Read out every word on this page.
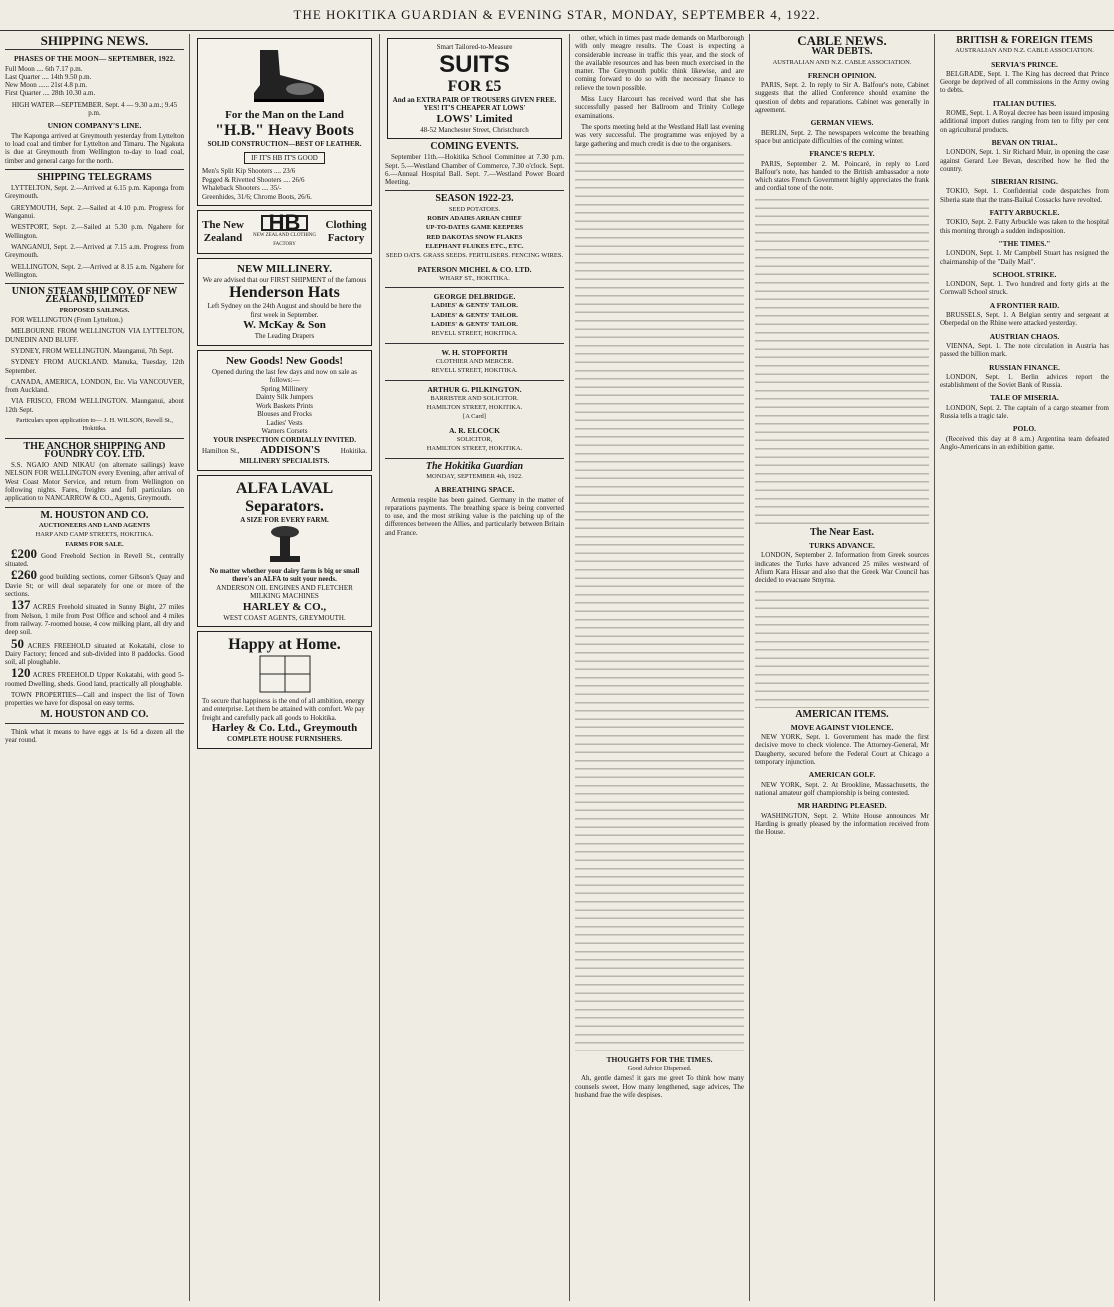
THE HOKITIKA GUARDIAN & EVENING STAR, MONDAY, SEPTEMBER 4, 1922.
SHIPPING NEWS.
PHASES OF THE MOON— SEPTEMBER, 1922.
Full Moon .... 6th 7.17 p.m.
Last Quarter .... 14th 9.50 p.m.
New Moon ...... 21st 4.8 p.m.
First Quarter .... 28th 10.30 a.m.
HIGH WATER—SEPTEMBER. Sept. 4 — 9.30 a.m.; 9.45 p.m.
UNION COMPANY'S LINE.

The Kaponga arrived at Greymouth yesterday from Lyttelton to load coal and timber for Lyttelton and Timaru. The Ngakuta is due at Greymouth from Wellington to-day to load coal, timber and general cargo for the north.

SHIPPING TELEGRAMS

LYTTELTON, Sept. 2.—Arrived at 6.15 p.m. Kaponga from Greymouth.

GREYMOUTH, Sept. 2.—Sailed at 4.10 p.m. Progress for Wanganui.

WESTPORT, Sept. 2.—Sailed at 5.30 p.m. Ngahere for Wellington.

WANGANUI, Sept. 2.—Arrived at 7.15 a.m. Progress from Greymouth.

WELLINGTON, Sept. 2.—Arrived at 8.15 a.m. Ngahere for Wellington.

UNION STEAM SHIP COY. OF NEW ZEALAND, LIMITED
PROPOSED SAILINGS.

FOR WELLINGTON (From Lyttelton.)

MELBOURNE FROM WELLINGTON VIA LYTTELTON, DUNEDIN AND BLUFF.

SYDNEY, FROM WELLINGTON. Maunganui, 7th Sept.

SYDNEY FROM AUCKLAND. Manuka, Tuesday, 12th September.

CANADA, AMERICA, LONDON, Etc. Via VANCOUVER, from Auckland.

VIA FRISCO, FROM WELLINGTON. Maunganui, about 12th Sept.

Particulars upon application to— J. H. WILSON, Revell St., Hokitika.
THE ANCHOR SHIPPING AND FOUNDRY COY. LTD.

S.S. NGAIO AND NIKAU (on alternate sailings) leave NELSON FOR WELLINGTON every Evening, after arrival of West Coast Motor Service, and return from Wellington on following nights. Fares, freights and full particulars on application to NANCARROW & CO., Agents, Greymouth.

M. HOUSTON AND CO.
AUCTIONEERS AND LAND AGENTS
HARP AND CAMP STREETS, HOKITIKA.
FARMS FOR SALE.

£200 Good Freehold Section in Revell St., centrally situated.

£260 good building sections, corner Gibson's Quay and Davie St; or will deal separately for one or more of the sections.

137 ACRES Freehold situated in Sunny Bight, 27 miles from Nelson, 1 mile from Post Office and school and 4 miles from railway. 7-roomed house, 4 cow milking plant, all dry and deep soil.

50 ACRES FREEHOLD situated at Kokatahi, close to Dairy Factory; fenced and sub-divided into 8 paddocks. Good soil, all ploughable.

120 ACRES FREEHOLD Upper Kokatahi, with good 5-roomed Dwelling, sheds. Good land, practically all ploughable.

TOWN PROPERTIES—Call and inspect the list of Town properties we have for disposal on easy terms.

M. HOUSTON AND CO.

Think what it means to have eggs at 1s 6d a dozen all the year round.

For the Man on the Land
"H.B." Heavy Boots
SOLID CONSTRUCTION—BEST OF LEATHER.
IF IT'S HB IT'S GOOD
Men's Split Kip Shooters .... 23/6
Pegged & Rivetted Shooters .... 26/6
Whaleback Shooters .... 35/-
Greenhides, 31/6; Chrome Boots, 26/6.
The New Zealand
HB
NEW ZEALAND CLOTHING FACTORY
Clothing Factory
NEW MILLINERY.
We are advised that our FIRST SHIPMENT of the famous
Henderson Hats
Left Sydney on the 24th August and should be here the first week in September.
W. McKay & Son
The Leading Drapers
New Goods! New Goods!
Opened during the last few days and now on sale as follows:—
Spring Millinery
Dainty Silk Jumpers
Work Baskets Prints
Blouses and Frocks
Ladies' Vests
Warners Corsets
YOUR INSPECTION CORDIALLY INVITED.
Hamilton St., ADDISON'S	Hokitika.
MILLINERY SPECIALISTS.
ALFA LAVAL Separators.
A SIZE FOR EVERY FARM.
No matter whether your dairy farm is big or small there's an ALFA to suit your needs.
ANDERSON OIL ENGINES AND FLETCHER MILKING MACHINES
HARLEY & CO.,
WEST COAST AGENTS, GREYMOUTH.
Happy at Home.
To secure that happiness is the end of all ambition, energy and enterprise. Let them be attained with comfort. We pay freight and carefully pack all goods to Hokitika.
Harley & Co. Ltd., Greymouth
COMPLETE HOUSE FURNISHERS.
Smart Tailored-to-Measure
SUITS
FOR £5
And an EXTRA PAIR OF TROUSERS GIVEN FREE.
YES! IT'S CHEAPER AT LOWS'
LOWS' Limited
48-52 Manchester Street, Christchurch
COMING EVENTS.

September 11th.—Hokitika School Committee at 7.30 p.m. Sept. 5.—Westland Chamber of Commerce, 7.30 o'clock. Sept. 6.—Annual Hospital Ball. Sept. 7.—Westland Power Board Meeting.

SEASON 1922-23.
SEED POTATOES.
ROBIN ADAIRS ARRAN CHIEF
UP-TO-DATES GAME KEEPERS
RED DAKOTAS SNOW FLAKES
ELEPHANT FLUKES ETC., ETC.
SEED OATS. GRASS SEEDS. FERTILISERS. FENCING WIRES.
PATERSON MICHEL & CO. LTD.
WHARF ST., HOKITIKA.
GEORGE DELBRIDGE.
LADIES' & GENTS' TAILOR.
LADIES' & GENTS' TAILOR.
LADIES' & GENTS' TAILOR.
REVELL STREET, HOKITIKA.
W. H. STOPFORTH
CLOTHIER AND MERCER.
REVELL STREET, HOKITIKA.
ARTHUR G. PILKINGTON.
BARRISTER AND SOLICITOR.
HAMILTON STREET, HOKITIKA.
[A Card]
A. R. ELCOCK
SOLICITOR,
HAMILTON STREET, HOKITIKA.
The Hokitika Guardian
MONDAY, SEPTEMBER 4th, 1922.
A BREATHING SPACE.

Armenia respite has been gained. Germany in the matter of reparations payments. The breathing space is being converted to use, and the most striking value is the patching up of the differences between the Allies, and particularly between Britain and France.

other, which in times past made demands on Marlborough with only meagre results. The Coast is expecting a considerable increase in traffic this year, and the stock of the available resources and has been much exercised in the matter. The Greymouth public think likewise, and are coming forward to do so with the necessary finance to relieve the town possible.

Miss Lucy Harcourt has received word that she has successfully passed her Ballroom and Trinity College examinations.

The sports meeting held at the Westland Hall last evening was very successful. The programme was enjoyed by a large gathering and much credit is due to the organisers.

THOUGHTS FOR THE TIMES.
Good Advice Dispersed.

Ah, gentle dames! it gars me greet To think how many counsels sweet, How many lengthened, sage advices, The husband frae the wife despises.

CABLE NEWS.
WAR DEBTS.
AUSTRALIAN AND N.Z. CABLE ASSOCIATION.
FRENCH OPINION.

PARIS, Sept. 2. In reply to Sir A. Balfour's note, Cabinet suggests that the allied Conference should examine the question of debts and reparations. Cabinet was generally in agreement.

GERMAN VIEWS.

BERLIN, Sept. 2. The newspapers welcome the breathing space but anticipate difficulties of the coming winter.

FRANCE'S REPLY.

PARIS, September 2. M. Poincaré, in reply to Lord Balfour's note, has handed to the British ambassador a note which states French Government highly appreciates the frank and cordial tone of the note.

The Near East.
TURKS ADVANCE.

LONDON, September 2. Information from Greek sources indicates the Turks have advanced 25 miles westward of Afium Kara Hissar and also that the Greek War Council has decided to evacuate Smyrna.

AMERICAN ITEMS.
MOVE AGAINST VIOLENCE.

NEW YORK, Sept. 1. Government has made the first decisive move to check violence. The Attorney-General, Mr Daugherty, secured before the Federal Court at Chicago a temporary injunction.

AMERICAN GOLF.

NEW YORK, Sept. 2. At Brookline, Massachusetts, the national amateur golf championship is being contested.

MR HARDING PLEASED.

WASHINGTON, Sept. 2. White House announces Mr Harding is greatly pleased by the information received from the House.

BRITISH & FOREIGN ITEMS
AUSTRALIAN AND N.Z. CABLE ASSOCIATION.
SERVIA'S PRINCE.

BELGRADE, Sept. 1. The King has decreed that Prince George be deprived of all commissions in the Army owing to debts.

ITALIAN DUTIES.

ROME, Sept. 1. A Royal decree has been issued imposing additional import duties ranging from ten to fifty per cent on agricultural products.

BEVAN ON TRIAL.

LONDON, Sept. 1. Sir Richard Muir, in opening the case against Gerard Lee Bevan, described how he fled the country.

SIBERIAN RISING.

TOKIO, Sept. 1. Confidential code despatches from Siberia state that the trans-Baikal Cossacks have revolted.

FATTY ARBUCKLE.

TOKIO, Sept. 2. Fatty Arbuckle was taken to the hospital this morning through a sudden indisposition.

"THE TIMES."

LONDON, Sept. 1. Mr Campbell Stuart has resigned the chairmanship of the "Daily Mail".

SCHOOL STRIKE.

LONDON, Sept. 1. Two hundred and forty girls at the Cornwall School struck.

A FRONTIER RAID.

BRUSSELS, Sept. 1. A Belgian sentry and sergeant at Oberpedal on the Rhine were attacked yesterday.

AUSTRIAN CHAOS.

VIENNA, Sept. 1. The note circulation in Austria has passed the billion mark.

RUSSIAN FINANCE.

LONDON, Sept. 1. Berlin advices report the establishment of the Soviet Bank of Russia.

TALE OF MISERIA.

LONDON, Sept. 2. The captain of a cargo steamer from Russia tells a tragic tale.

POLO.

(Received this day at 8 a.m.) Argentina team defeated Anglo-Americans in an exhibition game.
